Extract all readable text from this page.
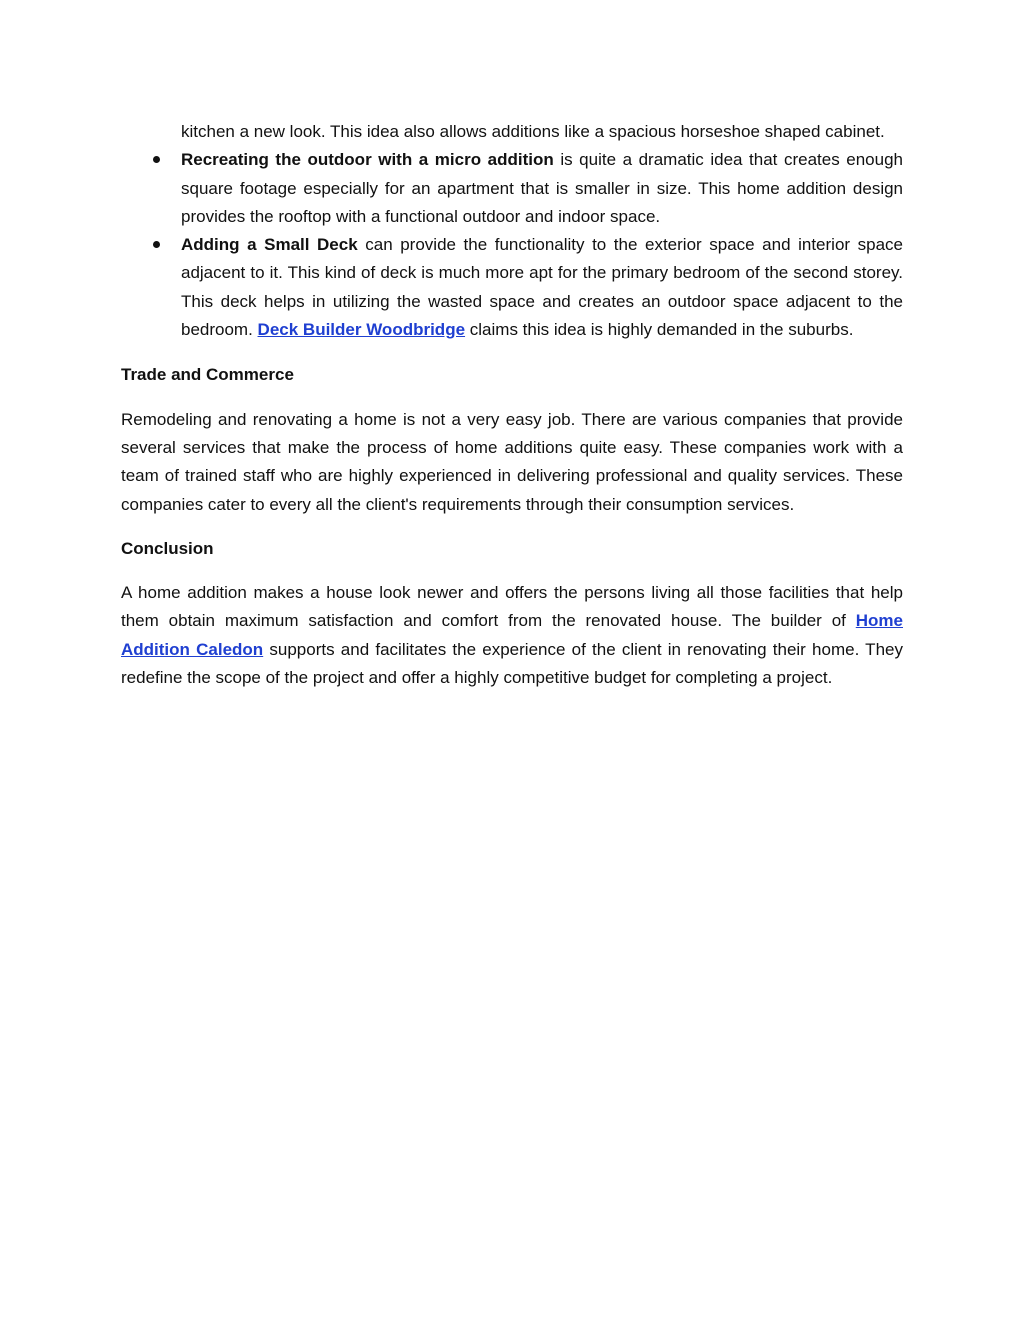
kitchen a new look. This idea also allows additions like a spacious horseshoe shaped cabinet.
Recreating the outdoor with a micro addition is quite a dramatic idea that creates enough square footage especially for an apartment that is smaller in size. This home addition design provides the rooftop with a functional outdoor and indoor space.
Adding a Small Deck can provide the functionality to the exterior space and interior space adjacent to it. This kind of deck is much more apt for the primary bedroom of the second storey. This deck helps in utilizing the wasted space and creates an outdoor space adjacent to the bedroom. Deck Builder Woodbridge claims this idea is highly demanded in the suburbs.

Trade and Commerce

Remodeling and renovating a home is not a very easy job. There are various companies that provide several services that make the process of home additions quite easy. These companies work with a team of trained staff who are highly experienced in delivering professional and quality services. These companies cater to every all the client's requirements through their consumption services.

Conclusion

A home addition makes a house look newer and offers the persons living all those facilities that help them obtain maximum satisfaction and comfort from the renovated house. The builder of Home Addition Caledon supports and facilitates the experience of the client in renovating their home. They redefine the scope of the project and offer a highly competitive budget for completing a project.
